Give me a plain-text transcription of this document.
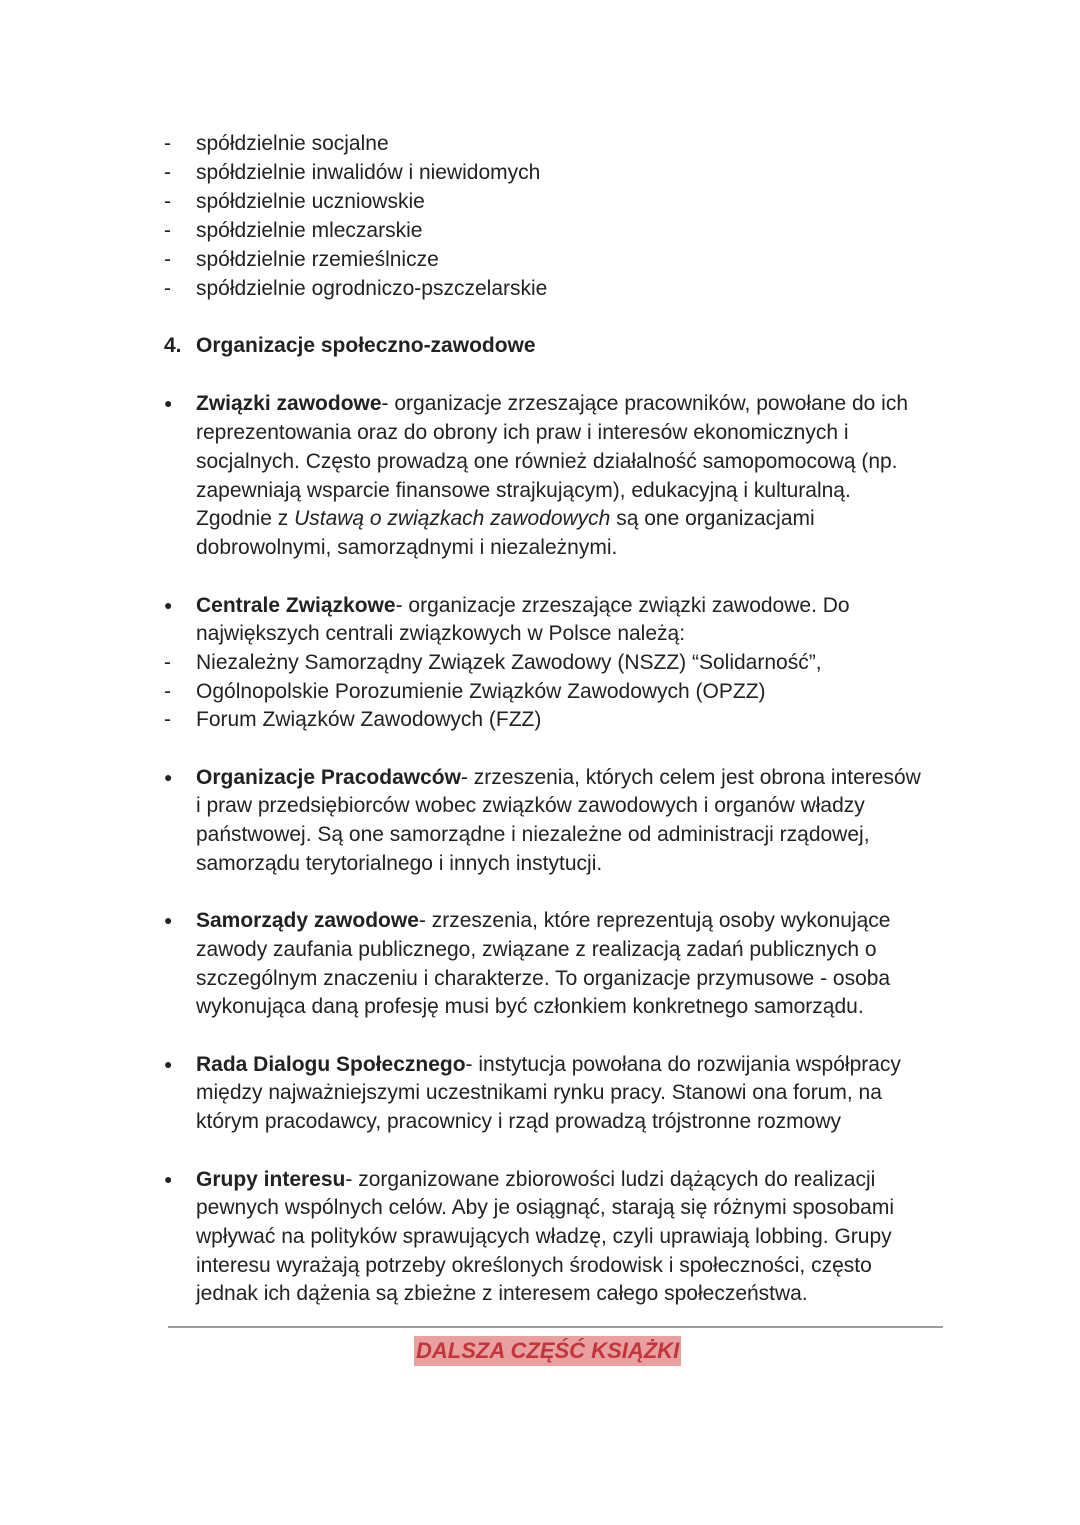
- spółdzielnie socjalne
- spółdzielnie inwalidów i niewidomych
- spółdzielnie uczniowskie
- spółdzielnie mleczarskie
- spółdzielnie rzemieślnicze
- spółdzielnie ogrodniczo-pszczelarskie
4. Organizacje społeczno-zawodowe
● Związki zawodowe- organizacje zrzeszające pracowników, powołane do ich
reprezentowania oraz do obrony ich praw i interesów ekonomicznych i
socjalnych. Często prowadzą one również działalność samopomocową (np.
zapewniają wsparcie finansowe strajkującym), edukacyjną i kulturalną.
Zgodnie z Ustawą o związkach zawodowych są one organizacjami
dobrowolnymi, samorządnymi i niezależnymi.
● Centrale Związkowe- organizacje zrzeszające związki zawodowe. Do
największych centrali związkowych w Polsce należą:
- Niezależny Samorządny Związek Zawodowy (NSZZ) “Solidarność”,
- Ogólnopolskie Porozumienie Związków Zawodowych (OPZZ)
- Forum Związków Zawodowych (FZZ)
● Organizacje Pracodawców- zrzeszenia, których celem jest obrona interesów
i praw przedsiębiorców wobec związków zawodowych i organów władzy
państwowej. Są one samorządne i niezależne od administracji rządowej,
samorządu terytorialnego i innych instytucji.
● Samorządy zawodowe- zrzeszenia, które reprezentują osoby wykonujące
zawody zaufania publicznego, związane z realizacją zadań publicznych o
szczególnym znaczeniu i charakterze. To organizacje przymusowe - osoba
wykonująca daną profesję musi być członkiem konkretnego samorządu.
● Rada Dialogu Społecznego- instytucja powołana do rozwijania współpracy
między najważniejszymi uczestnikami rynku pracy. Stanowi ona forum, na
którym pracodawcy, pracownicy i rząd prowadzą trójstronne rozmowy
● Grupy interesu- zorganizowane zbiorowości ludzi dążących do realizacji
pewnych wspólnych celów. Aby je osiągnąć, starają się różnymi sposobami
wpływać na polityków sprawujących władzę, czyli uprawiają lobbing. Grupy
interesu wyrażają potrzeby określonych środowisk i społeczności, często
jednak ich dążenia są zbieżne z interesem całego społeczeństwa.
DALSZA CZĘŚĆ KSIĄŻKI
